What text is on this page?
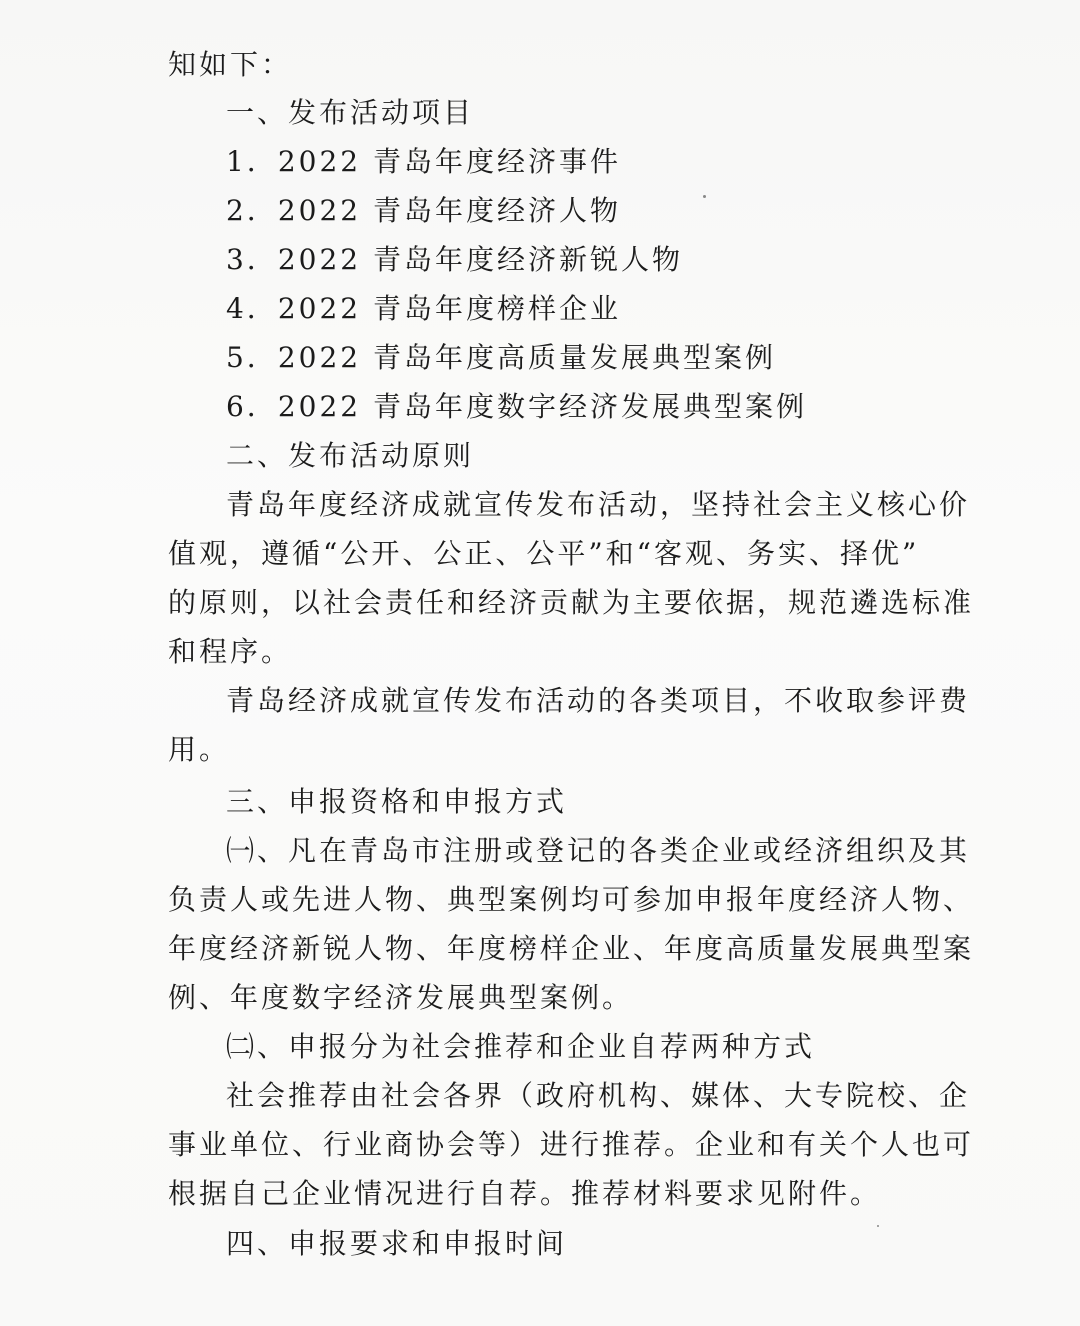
知如下：
一、发布活动项目
1．2022 青岛年度经济事件
2．2022 青岛年度经济人物
3．2022 青岛年度经济新锐人物
4．2022 青岛年度榜样企业
5．2022 青岛年度高质量发展典型案例
6．2022 青岛年度数字经济发展典型案例
二、发布活动原则
青岛年度经济成就宣传发布活动，坚持社会主义核心价
值观，遵循“公开、公正、公平”和“客观、务实、择优”
的原则，以社会责任和经济贡献为主要依据，规范遴选标准
和程序。
青岛经济成就宣传发布活动的各类项目，不收取参评费
用。
三、申报资格和申报方式
㈠、凡在青岛市注册或登记的各类企业或经济组织及其
负责人或先进人物、典型案例均可参加申报年度经济人物、
年度经济新锐人物、年度榜样企业、年度高质量发展典型案
例、年度数字经济发展典型案例。
㈡、申报分为社会推荐和企业自荐两种方式
社会推荐由社会各界（政府机构、媒体、大专院校、企
事业单位、行业商协会等）进行推荐。企业和有关个人也可
根据自己企业情况进行自荐。推荐材料要求见附件。
四、申报要求和申报时间
